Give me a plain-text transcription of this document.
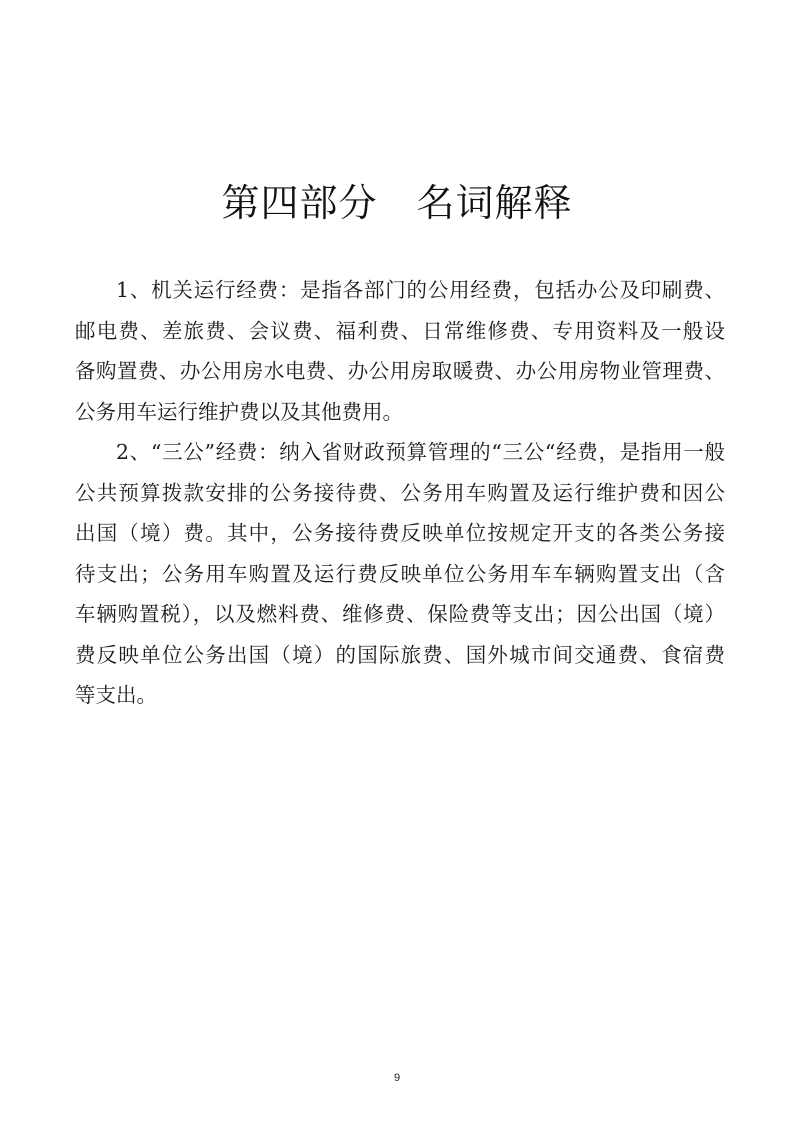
第四部分　名词解释
1、机关运行经费：是指各部门的公用经费，包括办公及印刷费、
邮电费、差旅费、会议费、福利费、日常维修费、专用资料及一般设
备购置费、办公用房水电费、办公用房取暖费、办公用房物业管理费、
公务用车运行维护费以及其他费用。
2、“三公”经费：纳入省财政预算管理的“三公“经费，是指用一般
公共预算拨款安排的公务接待费、公务用车购置及运行维护费和因公
出国（境）费。其中，公务接待费反映单位按规定开支的各类公务接
待支出；公务用车购置及运行费反映单位公务用车车辆购置支出（含
车辆购置税），以及燃料费、维修费、保险费等支出；因公出国（境）
费反映单位公务出国（境）的国际旅费、国外城市间交通费、食宿费
等支出。
9
